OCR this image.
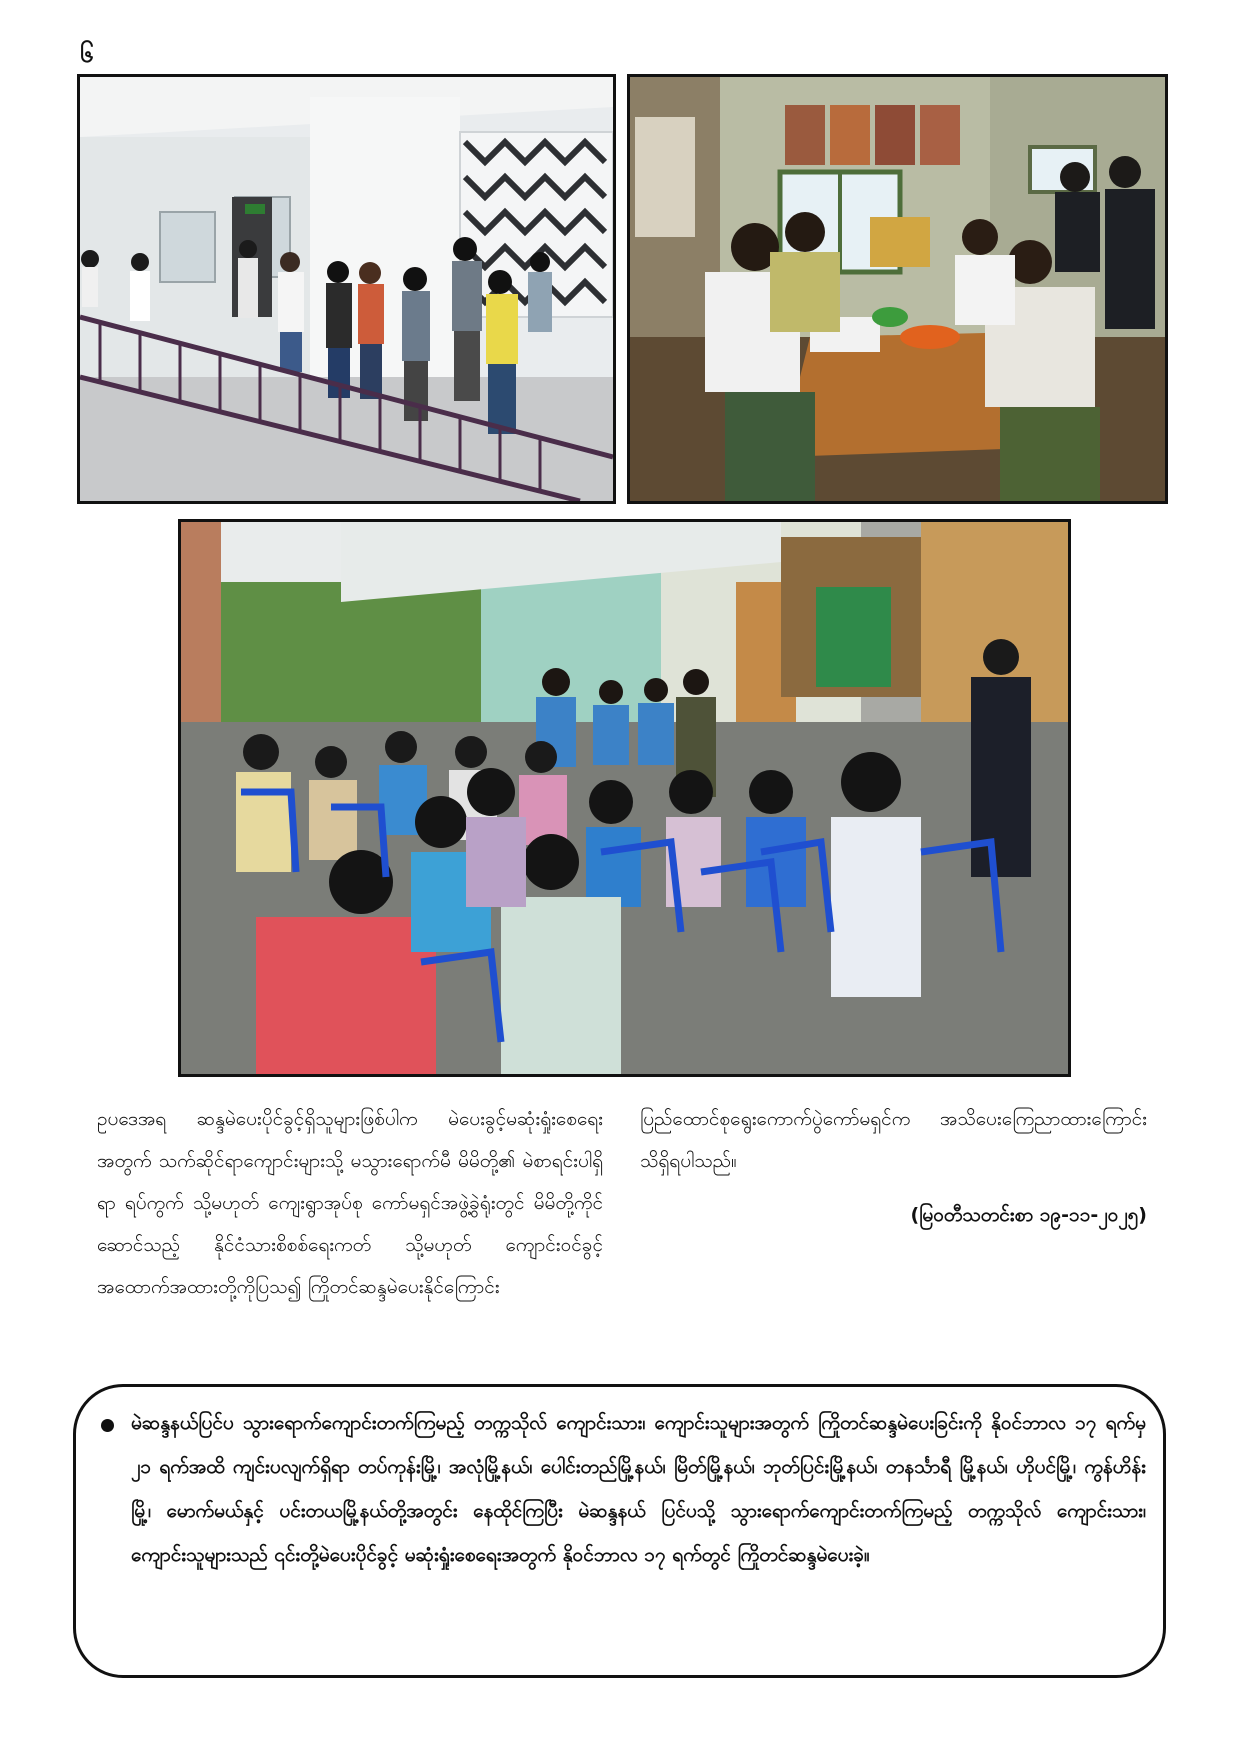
၆

ဥပဒေအရ ဆန္ဒမဲပေးပိုင်ခွင့်ရှိသူများဖြစ်ပါက မဲပေးခွင့်မဆုံးရှုံးစေရေးအတွက် သက်ဆိုင်ရာကျောင်းများသို့ မသွားရောက်မီ မိမိတို့၏ မဲစာရင်းပါရှိရာ ရပ်ကွက် သို့မဟုတ် ကျေးရွာအုပ်စု ကော်မရှင်အဖွဲ့ခွဲရုံးတွင် မိမိတို့ကိုင်ဆောင်သည့် နိုင်ငံသားစိစစ်ရေးကတ် သို့မဟုတ် ကျောင်းဝင်ခွင့်အထောက်အထားတို့ကိုပြသ၍ ကြိုတင်ဆန္ဒမဲပေးနိုင်ကြောင်း

ပြည်ထောင်စုရွေးကောက်ပွဲကော်မရှင်က အသိပေးကြေညာထားကြောင်း သိရှိရပါသည်။

(မြဝတီသတင်းစာ ၁၉-၁၁-၂၀၂၅)

မဲဆန္ဒနယ်ပြင်ပ သွားရောက်ကျောင်းတက်ကြမည့် တက္ကသိုလ် ကျောင်းသား၊ ကျောင်းသူများအတွက် ကြိုတင်ဆန္ဒမဲပေးခြင်းကို နိုဝင်ဘာလ ၁၇ ရက်မှ ၂၁ ရက်အထိ ကျင်းပလျက်ရှိရာ တပ်ကုန်းမြို့၊ အလုံမြို့နယ်၊ ပေါင်းတည်မြို့နယ်၊ မြိတ်မြို့နယ်၊ ဘုတ်ပြင်းမြို့နယ်၊ တနင်္သာရီ မြို့နယ်၊ ဟိုပင်မြို့၊ ကွန်ဟိန်းမြို့၊ မောက်မယ်နှင့် ပင်းတယမြို့နယ်တို့အတွင်း နေထိုင်ကြပြီး မဲဆန္ဒနယ် ပြင်ပသို့ သွားရောက်ကျောင်းတက်ကြမည့် တက္ကသိုလ် ကျောင်းသား၊ ကျောင်းသူများသည် ၎င်းတို့မဲပေးပိုင်ခွင့် မဆုံးရှုံးစေရေးအတွက် နိုဝင်ဘာလ ၁၇ ရက်တွင် ကြိုတင်ဆန္ဒမဲပေးခဲ့။
